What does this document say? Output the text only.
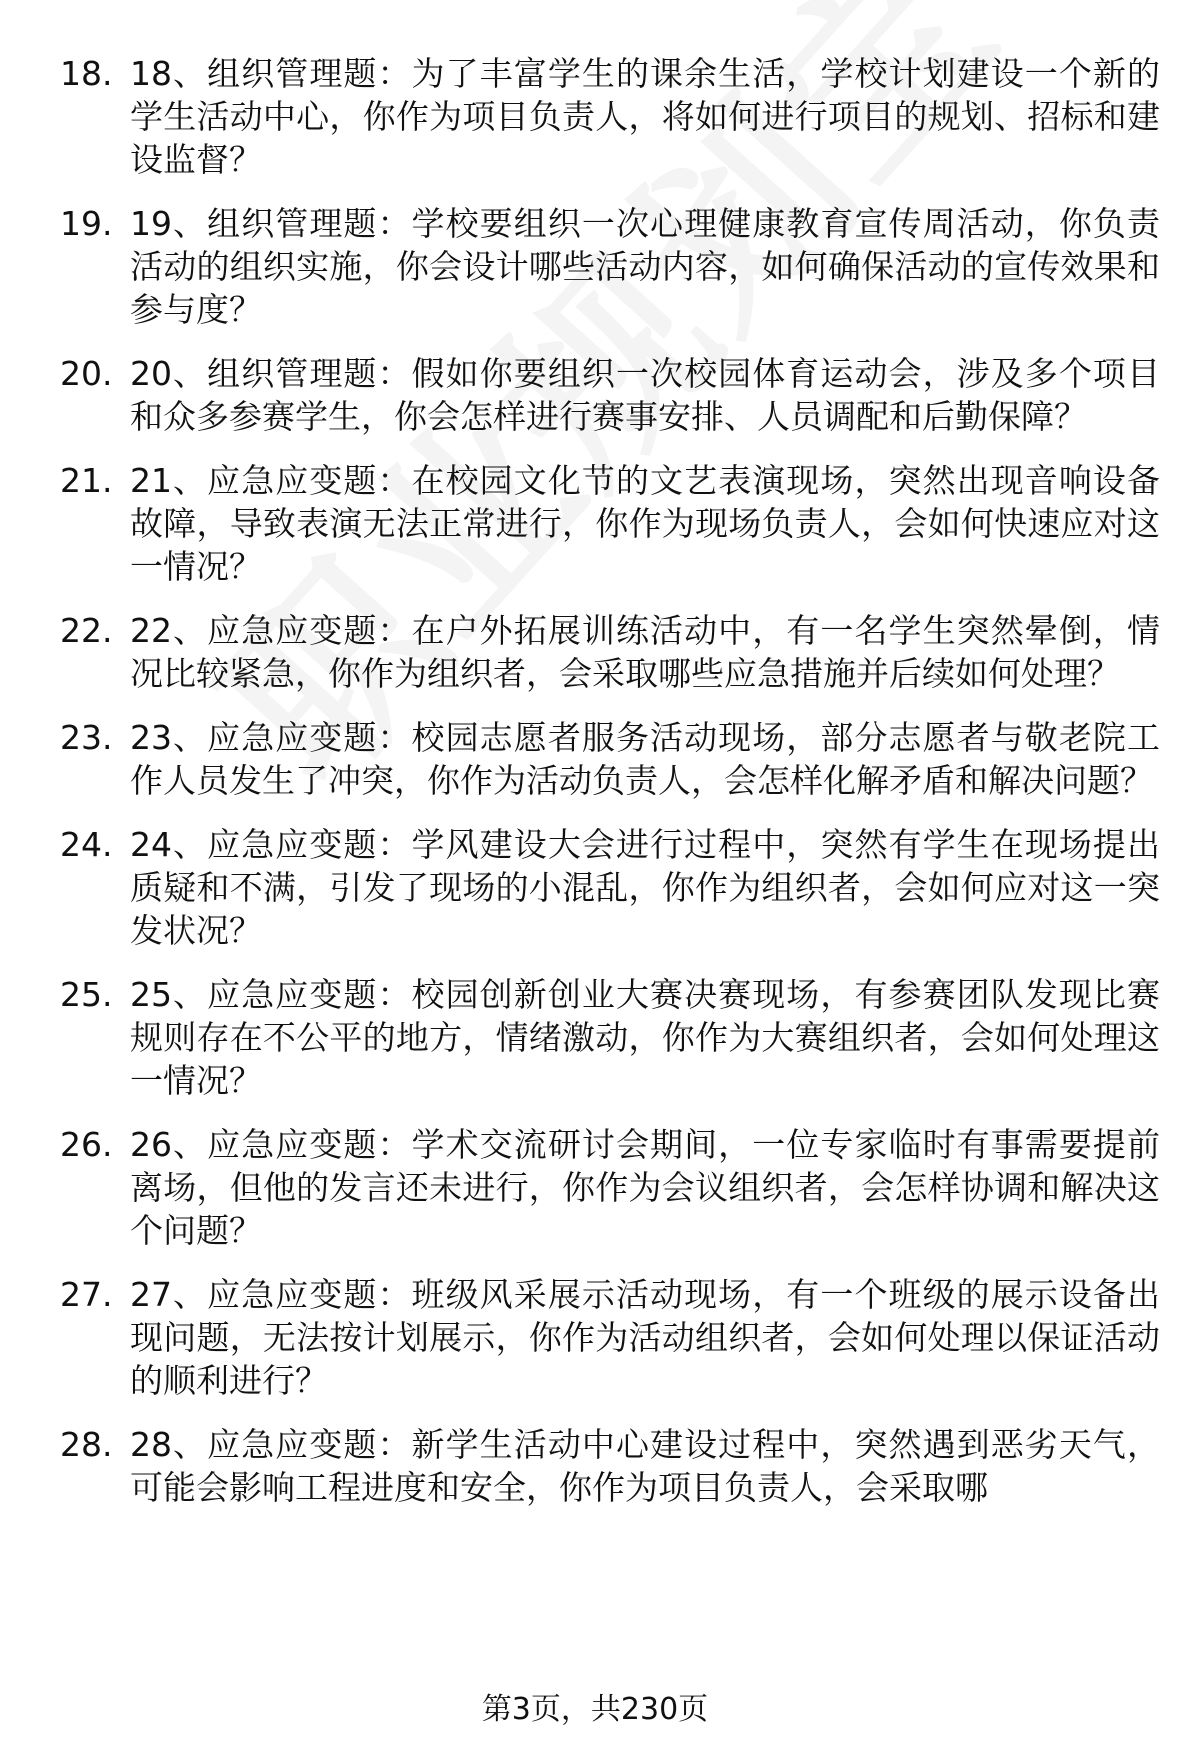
18. 18、组织管理题：为了丰富学生的课余生活，学校计划建设一个新的学生活动中心，你作为项目负责人，将如何进行项目的规划、招标和建设监督？
19. 19、组织管理题：学校要组织一次心理健康教育宣传周活动，你负责活动的组织实施，你会设计哪些活动内容，如何确保活动的宣传效果和参与度？
20. 20、组织管理题：假如你要组织一次校园体育运动会，涉及多个项目和众多参赛学生，你会怎样进行赛事安排、人员调配和后勤保障？
21. 21、应急应变题：在校园文化节的文艺表演现场，突然出现音响设备故障，导致表演无法正常进行，你作为现场负责人，会如何快速应对这一情况？
22. 22、应急应变题：在户外拓展训练活动中，有一名学生突然晕倒，情况比较紧急，你作为组织者，会采取哪些应急措施并后续如何处理？
23. 23、应急应变题：校园志愿者服务活动现场，部分志愿者与敬老院工作人员发生了冲突，你作为活动负责人，会怎样化解矛盾和解决问题？
24. 24、应急应变题：学风建设大会进行过程中，突然有学生在现场提出质疑和不满，引发了现场的小混乱，你作为组织者，会如何应对这一突发状况？
25. 25、应急应变题：校园创新创业大赛决赛现场，有参赛团队发现比赛规则存在不公平的地方，情绪激动，你作为大赛组织者，会如何处理这一情况？
26. 26、应急应变题：学术交流研讨会期间，一位专家临时有事需要提前离场，但他的发言还未进行，你作为会议组织者，会怎样协调和解决这个问题？
27. 27、应急应变题：班级风采展示活动现场，有一个班级的展示设备出现问题，无法按计划展示，你作为活动组织者，会如何处理以保证活动的顺利进行？
28. 28、应急应变题：新学生活动中心建设过程中，突然遇到恶劣天气，可能会影响工程进度和安全，你作为项目负责人，会采取哪
第3页，共230页
